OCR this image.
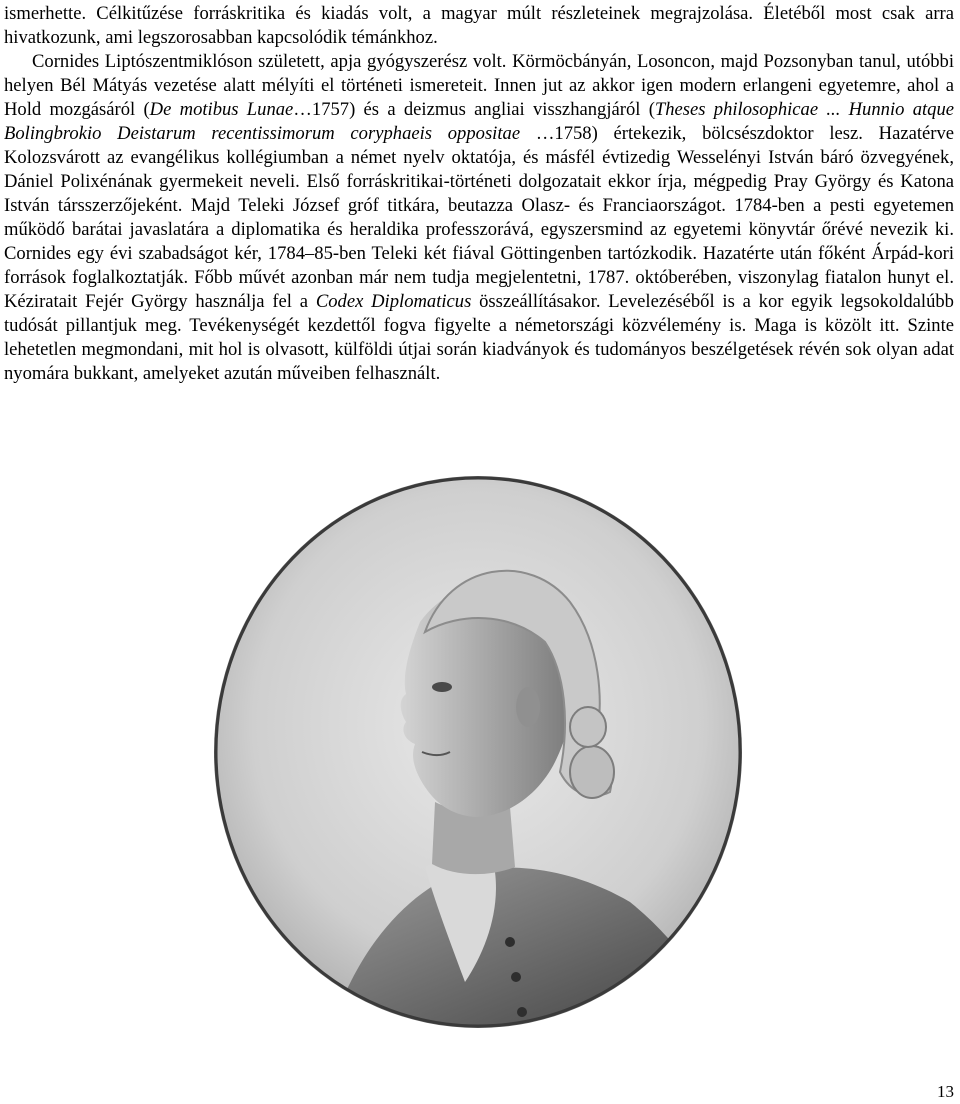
ismerhette. Célkitűzése forráskritika és kiadás volt, a magyar múlt részleteinek megrajzolása. Életéből most csak arra hivatkozunk, ami legszorosabban kapcsolódik témánkhoz.

Cornides Liptószentmiklóson született, apja gyógyszerész volt. Körmöcbányán, Losoncon, majd Pozsonyban tanul, utóbbi helyen Bél Mátyás vezetése alatt mélyíti el történeti ismereteit. Innen jut az akkor igen modern erlangeni egyetemre, ahol a Hold mozgásáról (De motibus Lunae…1757) és a deizmus angliai visszhangjáról (Theses philosophicae ... Hunnio atque Bolingbrokio Deistarum recentissimorum coryphaeis oppositae …1758) értekezik, bölcsészdoktor lesz. Hazatérve Kolozsvárott az evangélikus kollégiumban a német nyelv oktatója, és másfél évtizedig Wesselényi István báró özvegyének, Dániel Polixénának gyermekeit neveli. Első forráskritikai-történeti dolgozatait ekkor írja, mégpedig Pray György és Katona István társszerzőjeként. Majd Teleki József gróf titkára, beutazza Olasz- és Franciaországot. 1784-ben a pesti egyetemen működő barátai javaslatára a diplomatika és heraldika professzorává, egyszersmind az egyetemi könyvtár őrévé nevezik ki. Cornides egy évi szabadságot kér, 1784–85-ben Teleki két fiával Göttingenben tartózkodik. Hazatérte után főként Árpád-kori források foglalkoztatják. Főbb művét azonban már nem tudja megjelentetni, 1787. októberében, viszonylag fiatalon hunyt el. Kéziratait Fejér György használja fel a Codex Diplomaticus összeállításakor. Levelezéséből is a kor egyik legsokoldalúbb tudósát pillantjuk meg. Tevékenységét kezdettől fogva figyelte a németországi közvélemény is. Maga is közölt itt. Szinte lehetetlen megmondani, mit hol is olvasott, külföldi útjai során kiadványok és tudományos beszélgetések révén sok olyan adat nyomára bukkant, amelyeket azután műveiben felhasznált.

13
